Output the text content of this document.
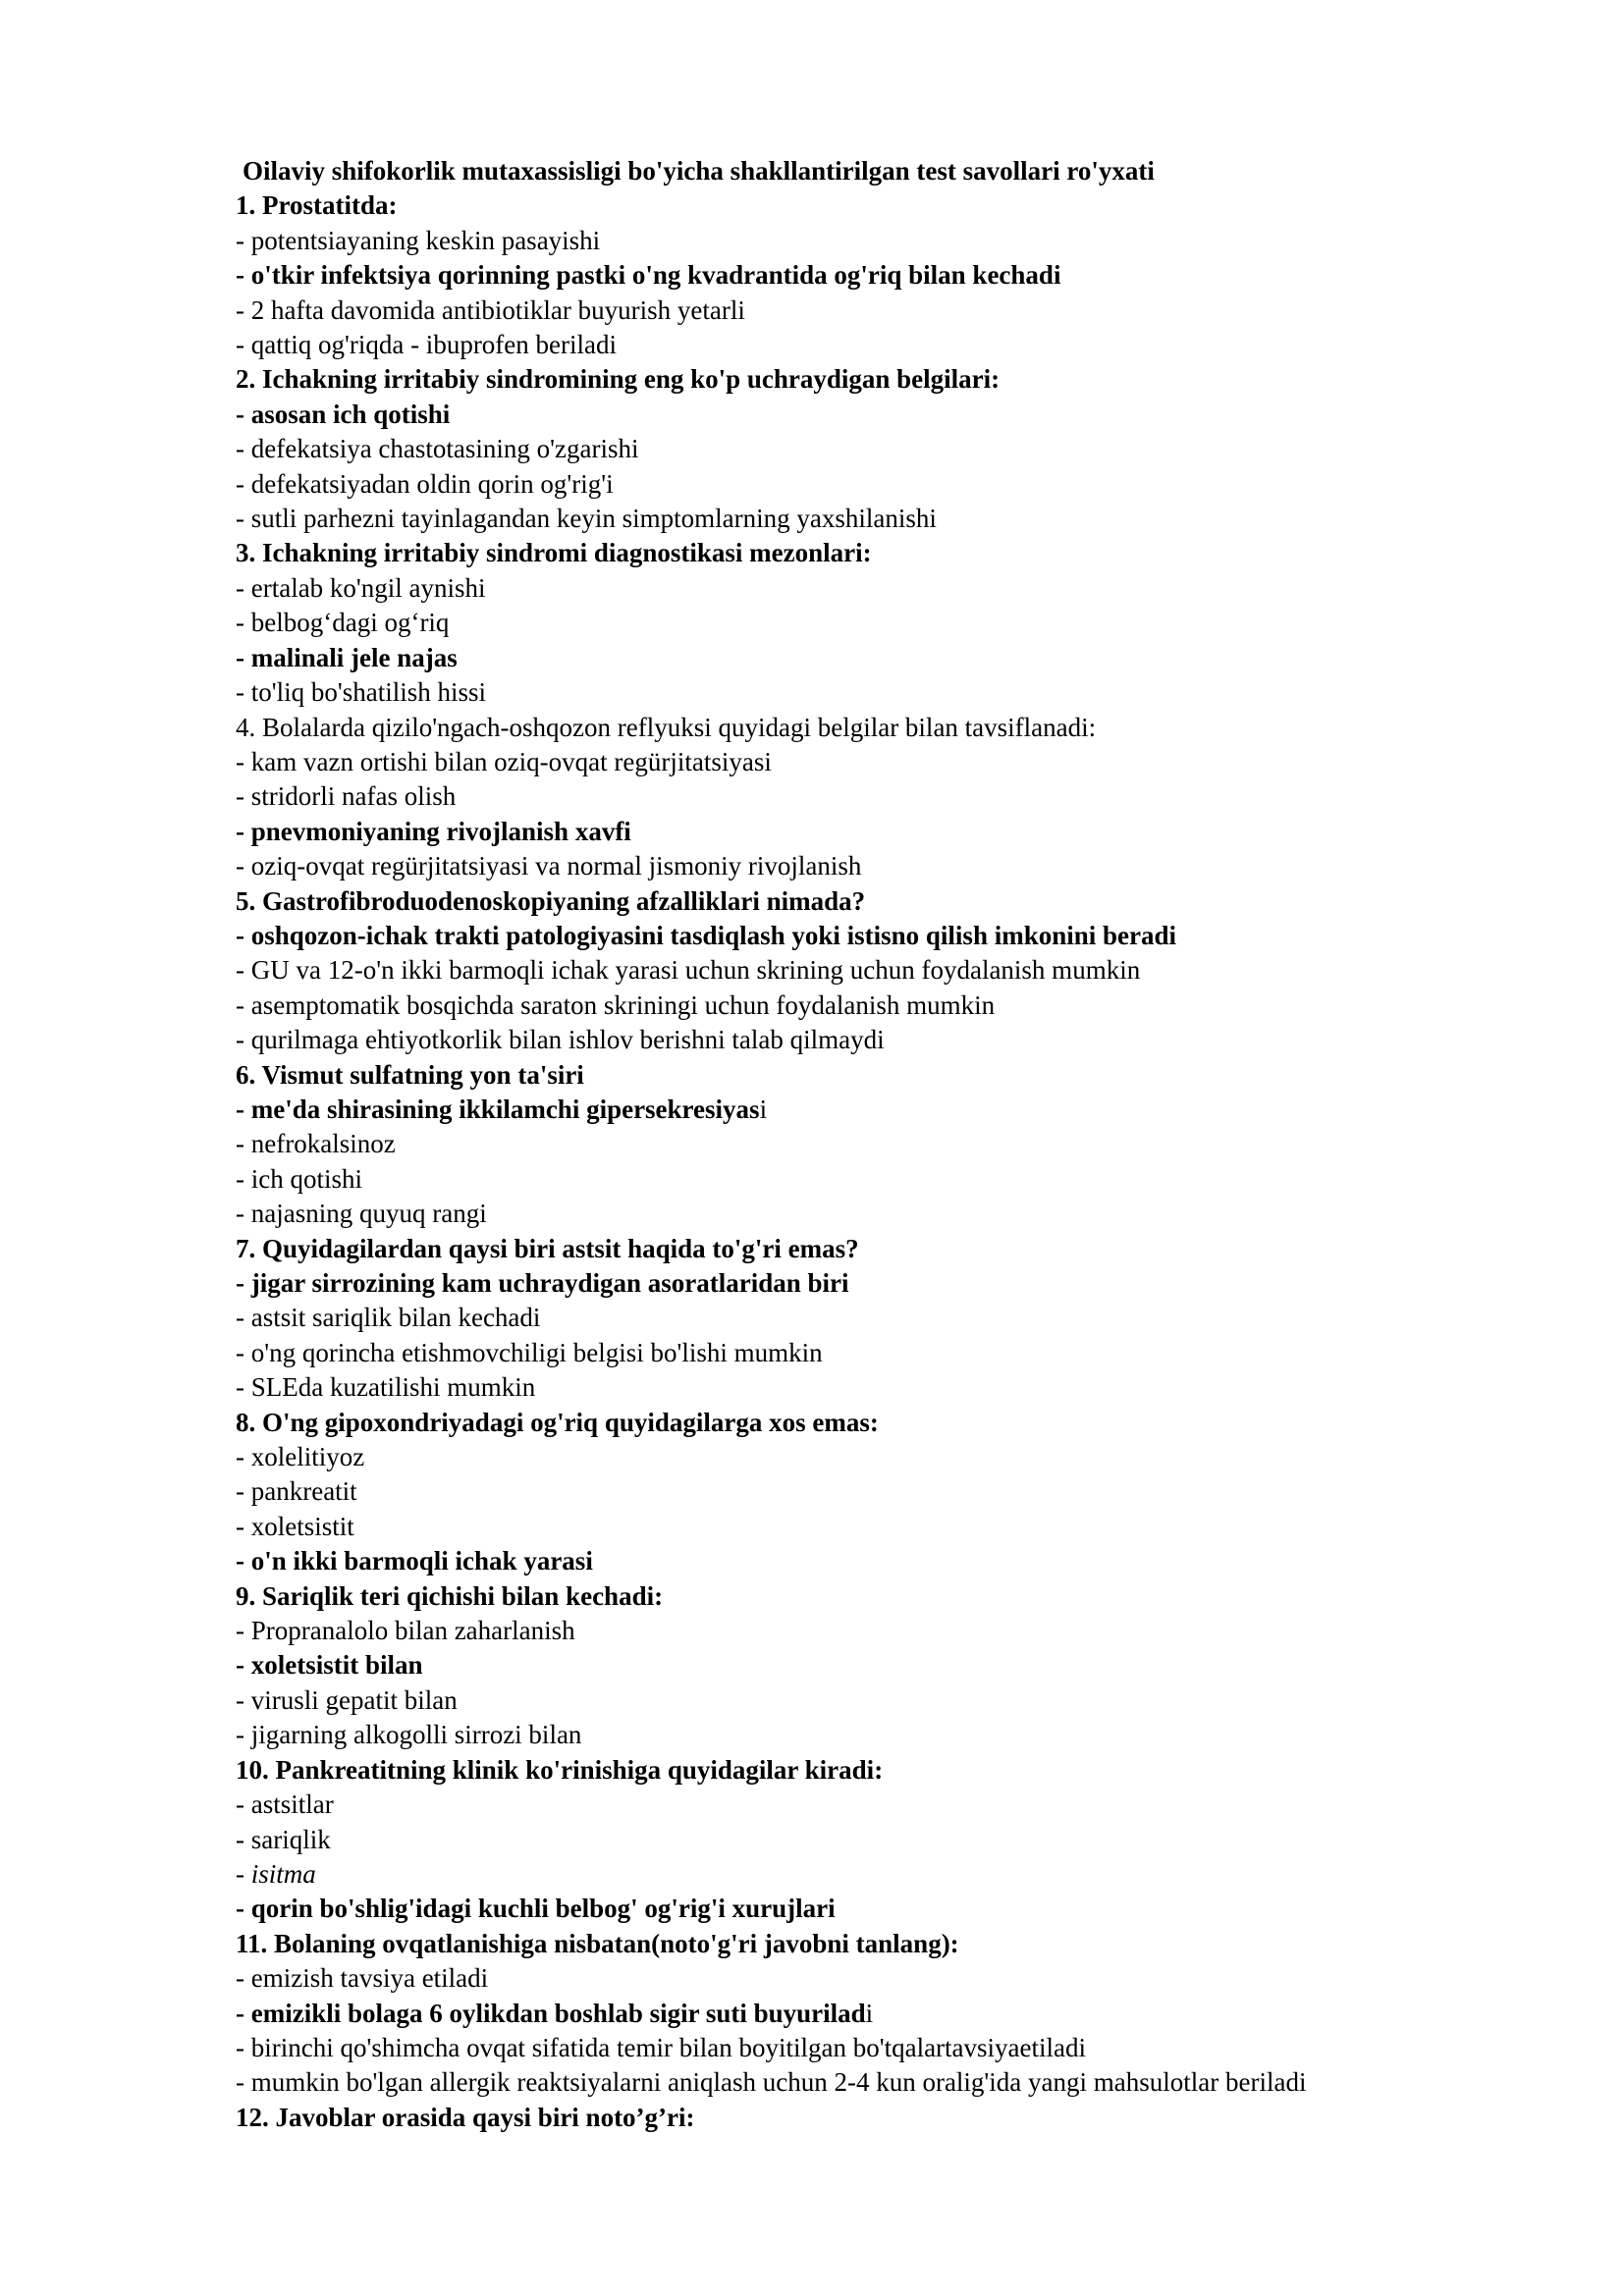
Oilaviy shifokorlik mutaxassisligi bo'yicha shakllantirilgan test savollari ro'yxati
1. Prostatitda:
- potentsiayaning keskin pasayishi
- o'tkir infektsiya qorinning pastki o'ng kvadrantida og'riq bilan kechadi
- 2 hafta davomida antibiotiklar buyurish yetarli
- qattiq og'riqda - ibuprofen beriladi
2. Ichakning irritabiy sindromining eng ko'p uchraydigan belgilari:
- asosan ich qotishi
- defekatsiya chastotasining o'zgarishi
- defekatsiyadan oldin qorin og'rig'i
- sutli parhezni tayinlagandan keyin simptomlarning yaxshilanishi
3. Ichakning irritabiy sindromi diagnostikasi mezonlari:
- ertalab ko'ngil aynishi
- belbog‘dagi og‘riq
- malinali jele najas
- to'liq bo'shatilish hissi
4. Bolalarda qizilo'ngach-oshqozon reflyuksi quyidagi belgilar bilan tavsiflanadi:
- kam vazn ortishi bilan oziq-ovqat regürjitatsiyasi
- stridorli nafas olish
- pnevmoniyaning rivojlanish xavfi
- oziq-ovqat regürjitatsiyasi va normal jismoniy rivojlanish
5. Gastrofibroduodenoskopiyaning afzalliklari nimada?
- oshqozon-ichak trakti patologiyasini tasdiqlash yoki istisno qilish imkonini beradi
- GU va 12-o'n ikki barmoqli ichak yarasi uchun skrining uchun foydalanish mumkin
- asemptomatik bosqichda saraton skriningi uchun foydalanish mumkin
- qurilmaga ehtiyotkorlik bilan ishlov berishni talab qilmaydi
6. Vismut sulfatning yon ta'siri
- me'da shirasining ikkilamchi gipersekresiyasi
- nefrokalsinoz
- ich qotishi
- najasning quyuq rangi
7. Quyidagilardan qaysi biri astsit haqida to'g'ri emas?
- jigar sirrozining kam uchraydigan asoratlaridan biri
- astsit sariqlik bilan kechadi
- o'ng qorincha etishmovchiligi belgisi bo'lishi mumkin
- SLEda kuzatilishi mumkin
8. O'ng gipoxondriyadagi og'riq quyidagilarga xos emas:
- xolelitiyoz
- pankreatit
- xoletsistit
- o'n ikki barmoqli ichak yarasi
9. Sariqlik teri qichishi bilan kechadi:
- Propranalolo bilan zaharlanish
- xoletsistit bilan
- virusli gepatit bilan
- jigarning alkogolli sirrozi bilan
10. Pankreatitning klinik ko'rinishiga quyidagilar kiradi:
- astsitlar
- sariqlik
- isitma
- qorin bo'shlig'idagi kuchli belbog' og'rig'i xurujlari
11. Bolaning ovqatlanishiga nisbatan(noto'g'ri javobni tanlang):
- emizish tavsiya etiladi
- emizikli bolaga 6 oylikdan boshlab sigir suti buyuriladi
- birinchi qo'shimcha ovqat sifatida temir bilan boyitilgan bo'tqalartavsiyaetiladi
- mumkin bo'lgan allergik reaktsiyalarni aniqlash uchun 2-4 kun oralig'ida yangi mahsulotlar beriladi
12. Javoblar orasida qaysi biri noto’g’ri:
